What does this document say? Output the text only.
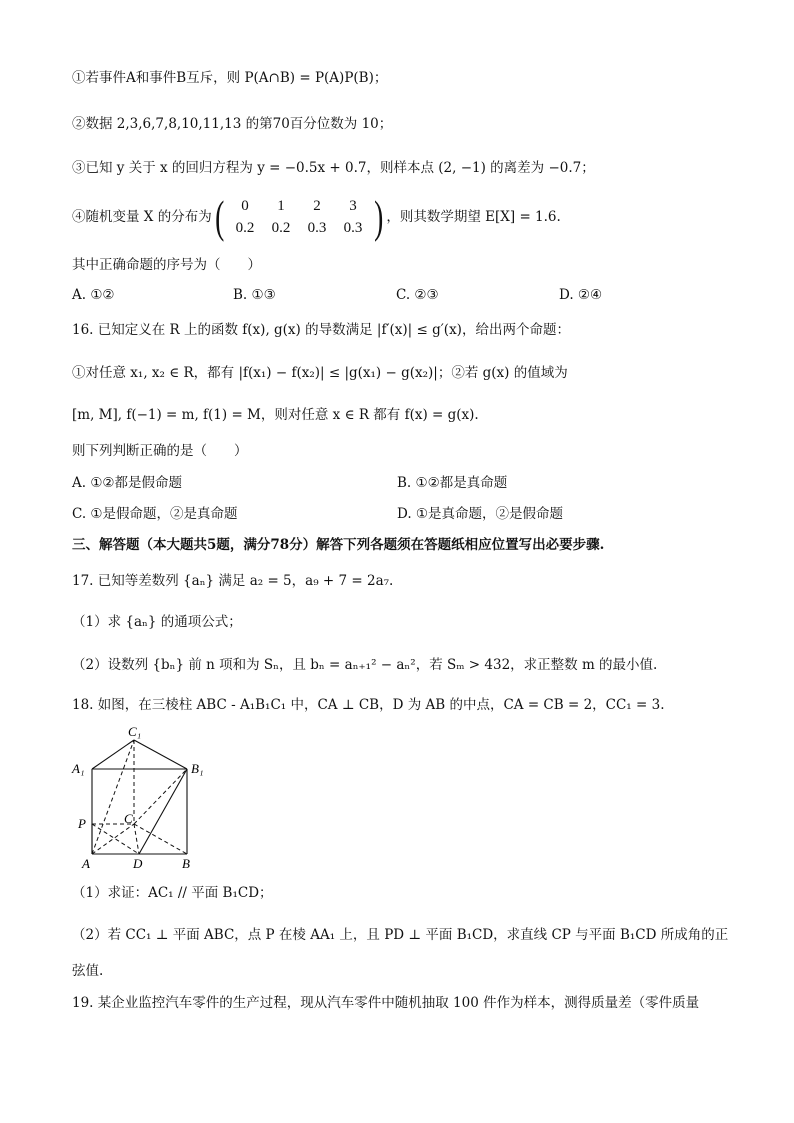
①若事件A和事件B互斥，则 P(A∩B) = P(A)P(B)；
②数据 2,3,6,7,8,10,11,13 的第70百分位数为 10；
③已知 y 关于 x 的回归方程为 y = −0.5x + 0.7，则样本点 (2, −1) 的离差为 −0.7；
④随机变量 X 的分布为 (	0	1	2	3
0.2	0.2	0.3	0.3 ) ，则其数学期望 E[X] = 1.6.
其中正确命题的序号为（　　）
A. ①②	B. ①③	C. ②③	D. ②④
16. 已知定义在 R 上的函数 f(x), g(x) 的导数满足 |f′(x)| ≤ g′(x)，给出两个命题：
①对任意 x₁, x₂ ∈ R，都有 |f(x₁) − f(x₂)| ≤ |g(x₁) − g(x₂)|；②若 g(x) 的值域为
[m, M], f(−1) = m, f(1) = M，则对任意 x ∈ R 都有 f(x) = g(x).
则下列判断正确的是（　　）
A. ①②都是假命题	B. ①②都是真命题
C. ①是假命题，②是真命题	D. ①是真命题，②是假命题
三、解答题（本大题共5题，满分78分）解答下列各题须在答题纸相应位置写出必要步骤.
17. 已知等差数列 {aₙ} 满足 a₂ = 5，a₉ + 7 = 2a₇.
（1）求 {aₙ} 的通项公式；
（2）设数列 {bₙ} 前 n 项和为 Sₙ，且 bₙ = aₙ₊₁² − aₙ²，若 Sₘ > 432，求正整数 m 的最小值.
18. 如图，在三棱柱 ABC - A₁B₁C₁ 中，CA ⊥ CB，D 为 AB 的中点，CA = CB = 2，CC₁ = 3.
C₁
A₁	B₁
P	C
A	D	B
（1）求证：AC₁ // 平面 B₁CD；
（2）若 CC₁ ⊥ 平面 ABC，点 P 在棱 AA₁ 上，且 PD ⊥ 平面 B₁CD，求直线 CP 与平面 B₁CD 所成角的正
弦值.
19. 某企业监控汽车零件的生产过程，现从汽车零件中随机抽取 100 件作为样本，测得质量差（零件质量
